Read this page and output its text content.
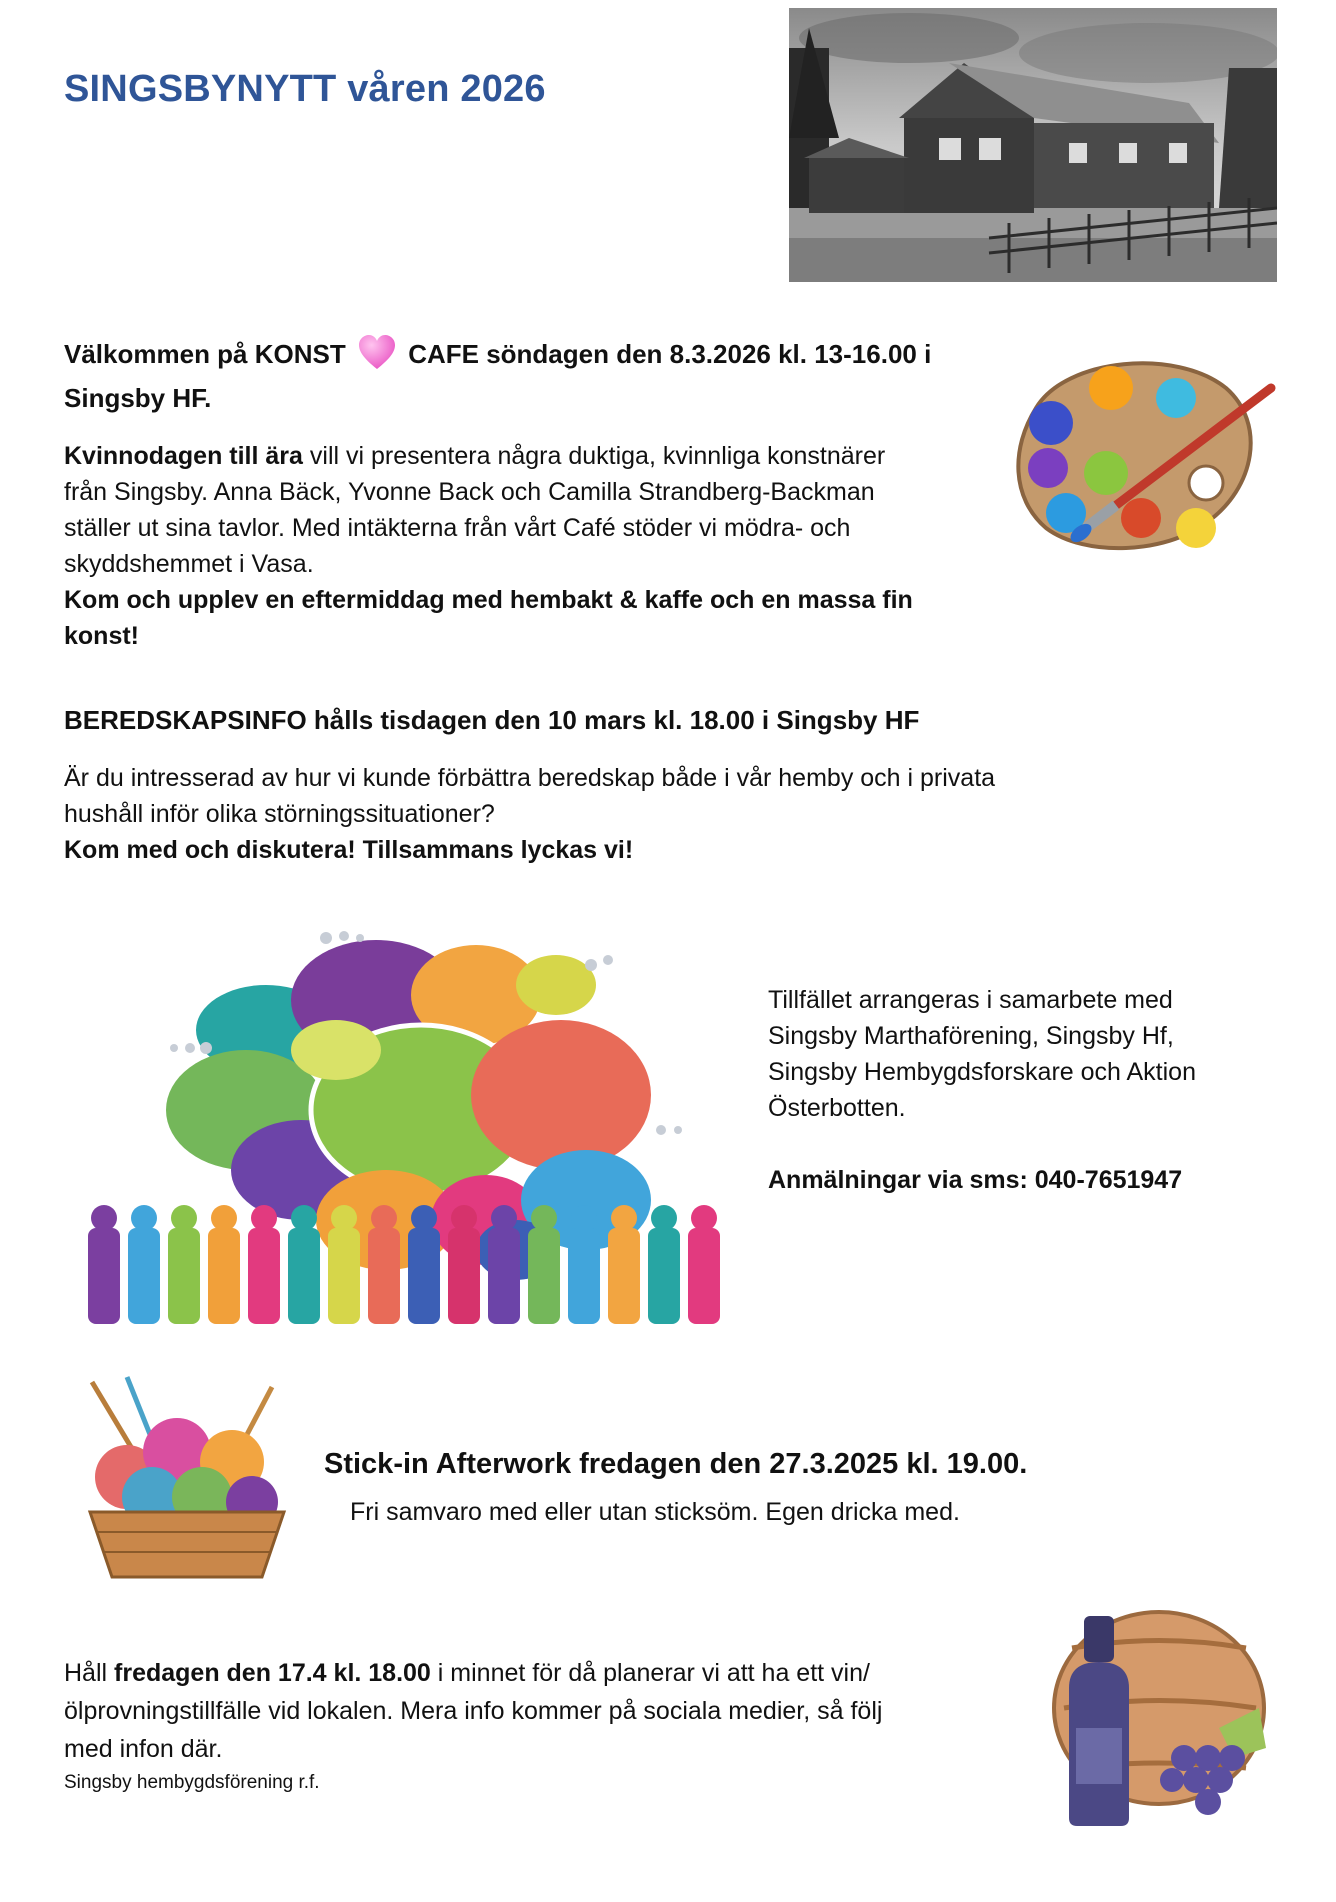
SINGSBYNYTT våren 2026
Välkommen på KONST CAFE söndagen den 8.3.2026 kl. 13-16.00 i
Singsby HF.
Kvinnodagen till ära vill vi presentera några duktiga, kvinnliga konstnärer
från Singsby. Anna Bäck, Yvonne Back och Camilla Strandberg-Backman
ställer ut sina tavlor. Med intäkterna från vårt Café stöder vi mödra- och
skyddshemmet i Vasa.
Kom och upplev en eftermiddag med hembakt & kaffe och en massa fin
konst!
BEREDSKAPSINFO hålls tisdagen den 10 mars kl. 18.00 i Singsby HF
Är du intresserad av hur vi kunde förbättra beredskap både i vår hemby och i privata
hushåll inför olika störningssituationer?
Kom med och diskutera! Tillsammans lyckas vi!
Tillfället arrangeras i samarbete med
Singsby Marthaförening, Singsby Hf,
Singsby Hembygdsforskare och Aktion
Österbotten.
Anmälningar via sms: 040-7651947
Stick-in Afterwork fredagen den 27.3.2025 kl. 19.00.
Fri samvaro med eller utan sticksöm. Egen dricka med.
Håll fredagen den 17.4 kl. 18.00 i minnet för då planerar vi att ha ett vin/
ölprovningstillfälle vid lokalen. Mera info kommer på sociala medier, så följ
med infon där.
Singsby hembygdsförening r.f.
